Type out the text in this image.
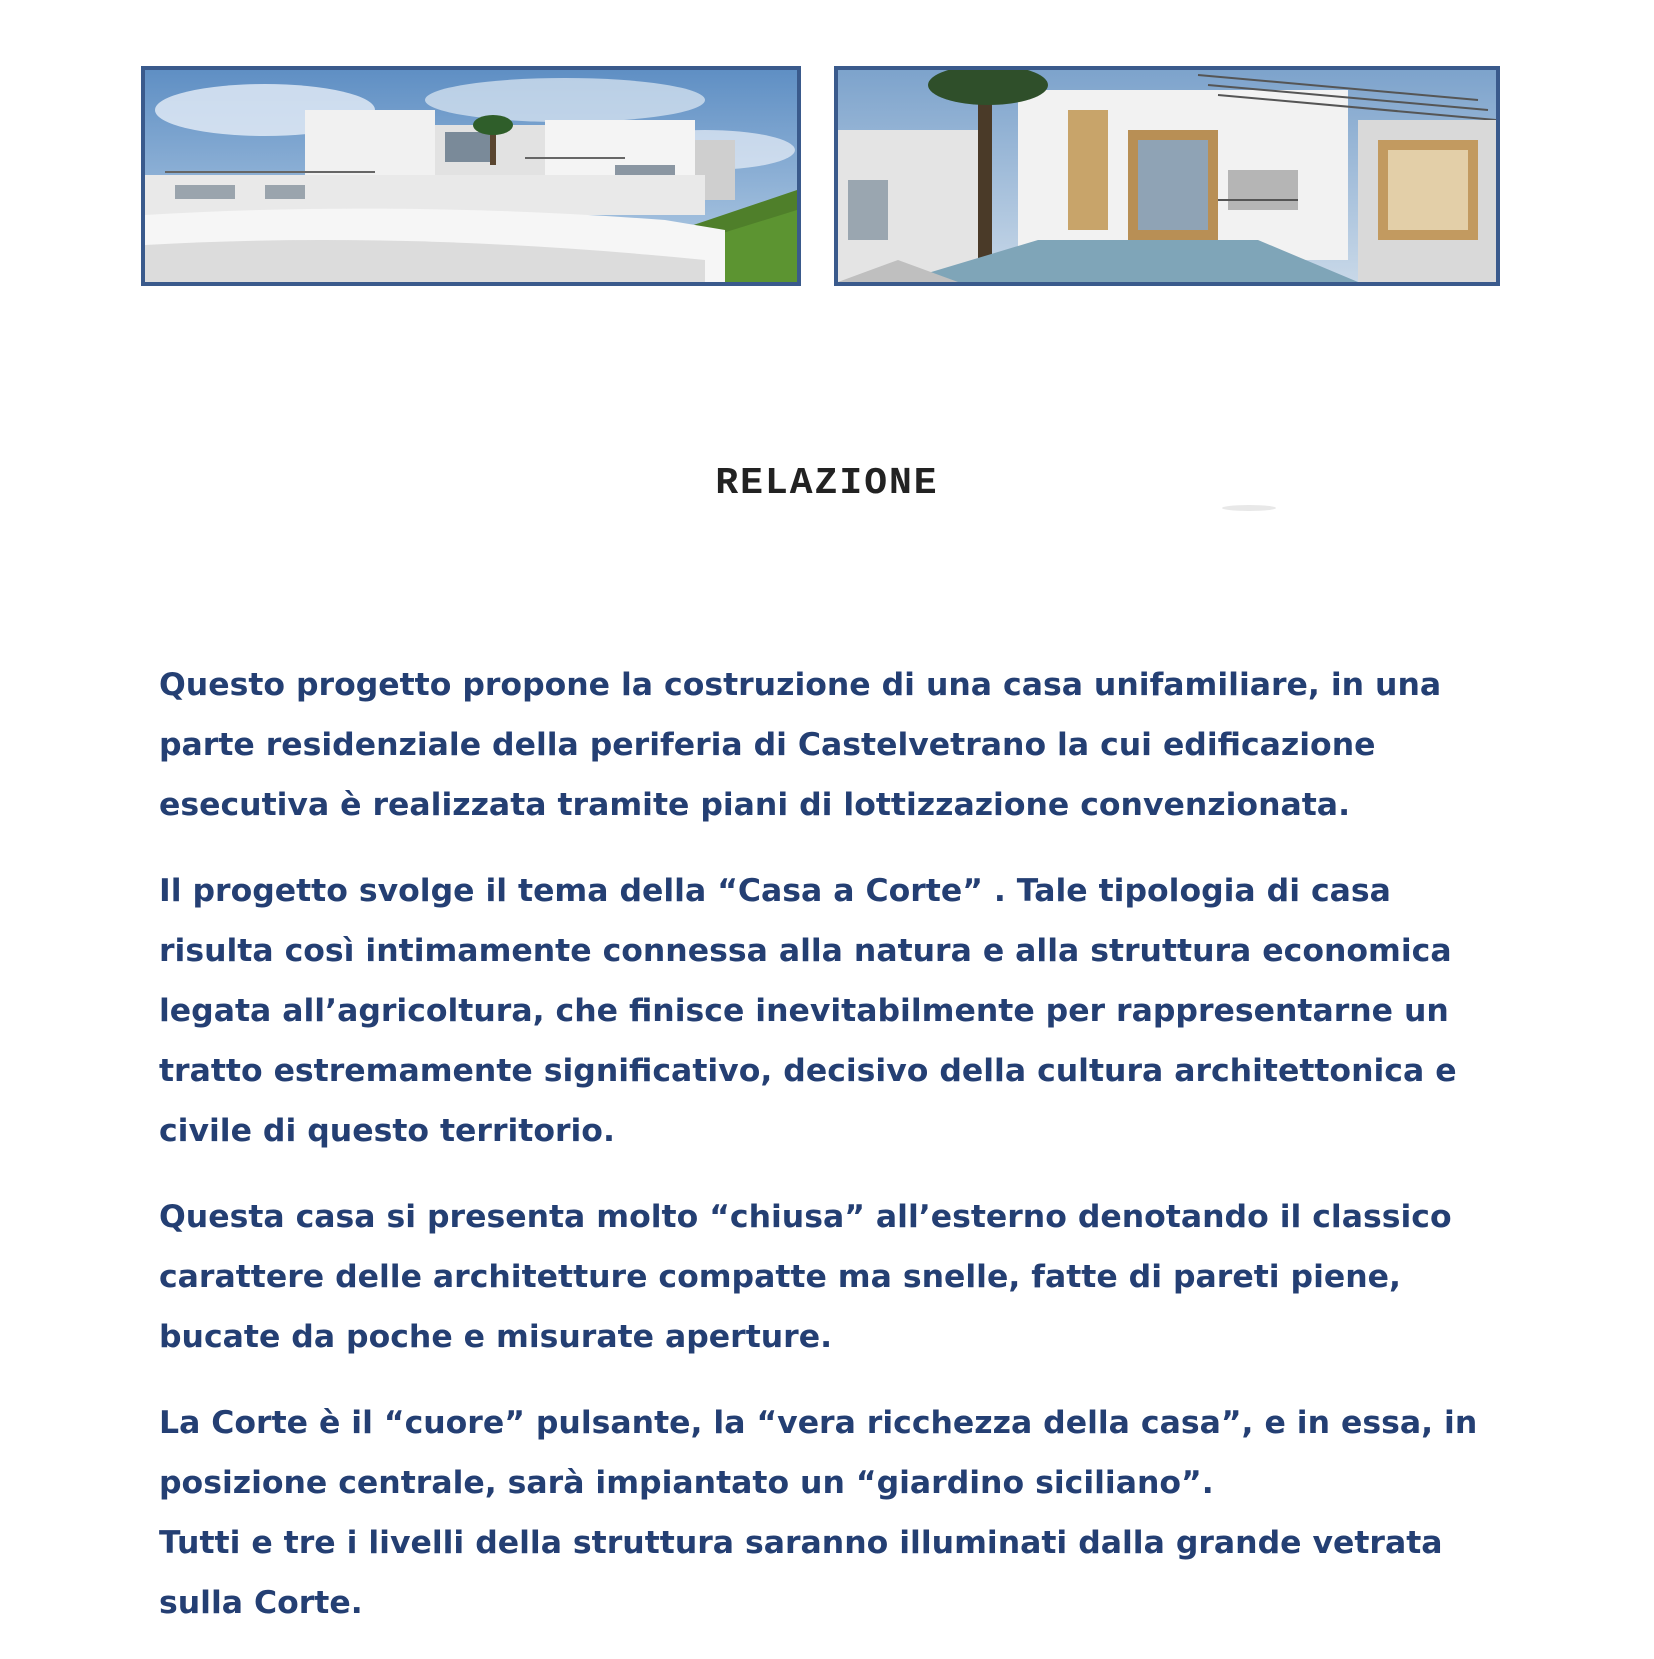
RELAZIONE

Questo progetto propone la costruzione di una casa unifamiliare, in una
parte residenziale della periferia di Castelvetrano la cui edificazione
esecutiva è realizzata tramite piani di lottizzazione convenzionata.

Il progetto svolge il tema della “Casa a Corte” . Tale tipologia di casa
risulta così intimamente connessa alla natura e alla struttura economica
legata all’agricoltura, che finisce inevitabilmente per rappresentarne un
tratto estremamente significativo, decisivo della cultura architettonica e
civile di questo territorio.

Questa casa si presenta molto “chiusa” all’esterno denotando il classico
carattere delle architetture compatte ma snelle, fatte di pareti piene,
bucate da poche e misurate aperture.

La Corte è il “cuore” pulsante, la “vera ricchezza della casa”, e in essa, in
posizione centrale, sarà impiantato un “giardino siciliano”.

Tutti e tre i livelli della struttura saranno illuminati dalla grande vetrata
sulla Corte.
